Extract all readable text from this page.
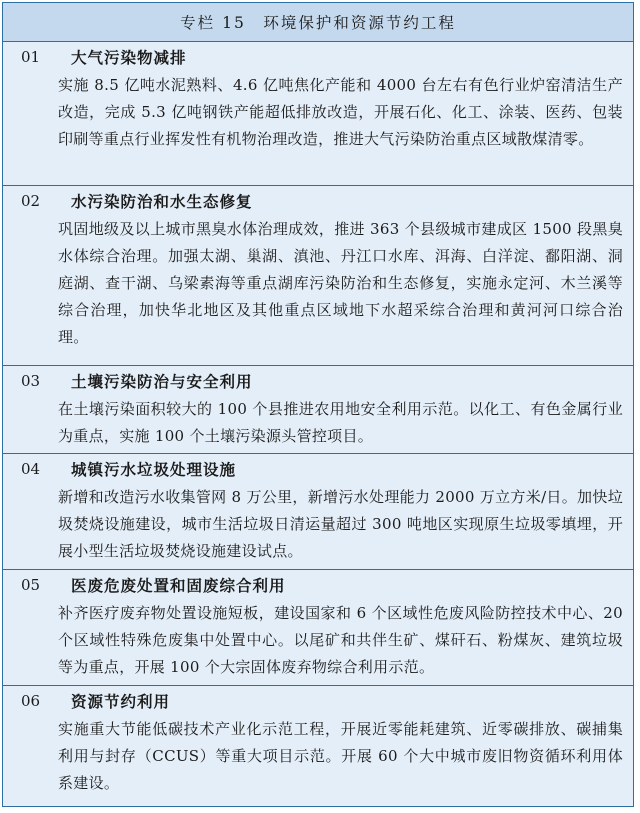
专栏 15　环境保护和资源节约工程
01	大气污染物减排
实施 8.5 亿吨水泥熟料、4.6 亿吨焦化产能和 4000 台左右有色行业炉窑清洁生产改造，完成 5.3 亿吨钢铁产能超低排放改造，开展石化、化工、涂装、医药、包装印刷等重点行业挥发性有机物治理改造，推进大气污染防治重点区域散煤清零。
02	水污染防治和水生态修复
巩固地级及以上城市黑臭水体治理成效，推进 363 个县级城市建成区 1500 段黑臭水体综合治理。加强太湖、巢湖、滇池、丹江口水库、洱海、白洋淀、鄱阳湖、洞庭湖、查干湖、乌梁素海等重点湖库污染防治和生态修复，实施永定河、木兰溪等综合治理，加快华北地区及其他重点区域地下水超采综合治理和黄河河口综合治理。
03	土壤污染防治与安全利用
在土壤污染面积较大的 100 个县推进农用地安全利用示范。以化工、有色金属行业为重点，实施 100 个土壤污染源头管控项目。
04	城镇污水垃圾处理设施
新增和改造污水收集管网 8 万公里，新增污水处理能力 2000 万立方米/日。加快垃圾焚烧设施建设，城市生活垃圾日清运量超过 300 吨地区实现原生垃圾零填埋，开展小型生活垃圾焚烧设施建设试点。
05	医废危废处置和固废综合利用
补齐医疗废弃物处置设施短板，建设国家和 6 个区域性危废风险防控技术中心、20 个区域性特殊危废集中处置中心。以尾矿和共伴生矿、煤矸石、粉煤灰、建筑垃圾等为重点，开展 100 个大宗固体废弃物综合利用示范。
06	资源节约利用
实施重大节能低碳技术产业化示范工程，开展近零能耗建筑、近零碳排放、碳捕集利用与封存（CCUS）等重大项目示范。开展 60 个大中城市废旧物资循环利用体系建设。
